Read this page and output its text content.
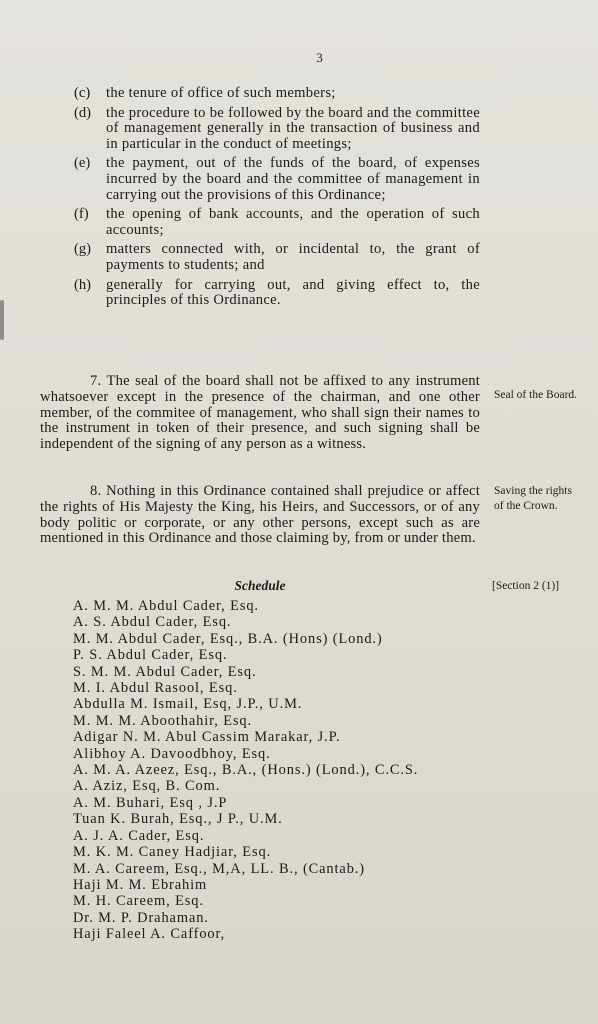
3
(c)	the tenure of office of such members;
(d)	the procedure to be followed by the board and the committee of management generally in the transaction of business and in particular in the conduct of meetings;
(e)	the payment, out of the funds of the board, of expenses incurred by the board and the committee of management in carrying out the provisions of this Ordinance;
(f)	the opening of bank accounts, and the operation of such accounts;
(g)	matters connected with, or incidental to, the grant of payments to students; and
(h)	generally for carrying out, and giving effect to, the principles of this Ordinance.

7. The seal of the board shall not be affixed to any instrument whatsoever except in the presence of the chairman, and one other member, of the commitee of management, who shall sign their names to the instrument in token of their presence, and such signing shall be independent of the signing of any person as a witness.

Seal of the Board.

8. Nothing in this Ordinance contained shall prejudice or affect the rights of His Majesty the King, his Heirs, and Successors, or of any body politic or corporate, or any other persons, except such as are mentioned in this Ordinance and those claiming by, from or under them.

Saving the rights of the Crown.
Schedule	[Section 2 (1)]
A. M. M. Abdul Cader, Esq.
A. S. Abdul Cader, Esq.
M. M. Abdul Cader, Esq., B.A. (Hons) (Lond.)
P. S. Abdul Cader, Esq.
S. M. M. Abdul Cader, Esq.
M. I. Abdul Rasool, Esq.
Abdulla M. Ismail, Esq, J.P., U.M.
M. M. M. Aboothahir, Esq.
Adigar N. M. Abul Cassim Marakar, J.P.
Alibhoy A. Davoodbhoy, Esq.
A. M. A. Azeez, Esq., B.A., (Hons.) (Lond.), C.C.S.
A. Aziz, Esq, B. Com.
A. M. Buhari, Esq , J.P
Tuan K. Burah, Esq., J P., U.M.
A. J. A. Cader, Esq.
M. K. M. Caney Hadjiar, Esq.
M. A. Careem, Esq., M,A, LL. B., (Cantab.)
Haji M. M. Ebrahim
M. H. Careem, Esq.
Dr. M. P. Drahaman.
Haji Faleel A. Caffoor,
